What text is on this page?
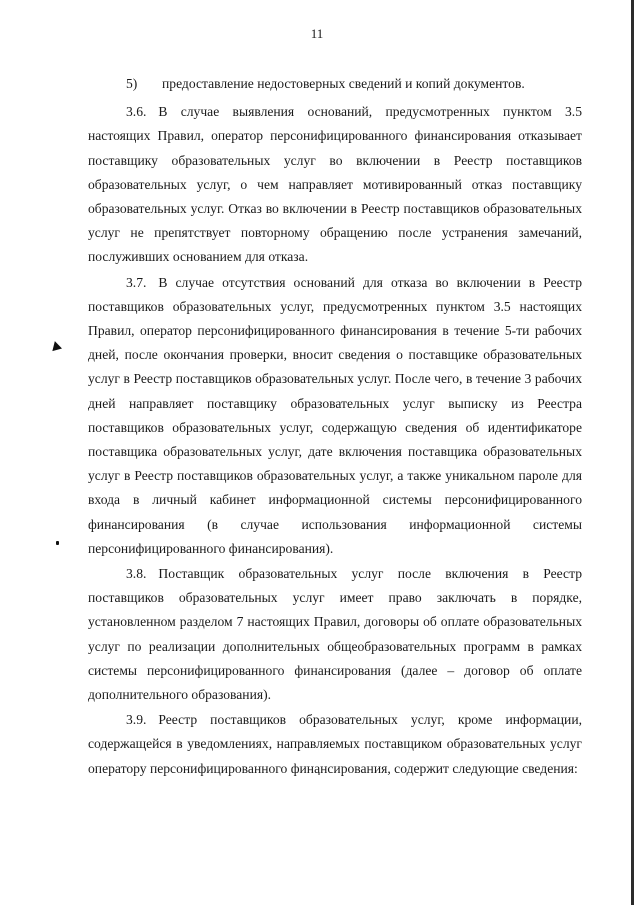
11

5) предоставление недостоверных сведений и копий документов.

3.6. В случае выявления оснований, предусмотренных пунктом 3.5 настоящих Правил, оператор персонифицированного финансирования отказывает поставщику образовательных услуг во включении в Реестр поставщиков образовательных услуг, о чем направляет мотивированный отказ поставщику образовательных услуг. Отказ во включении в Реестр поставщиков образовательных услуг не препятствует повторному обращению после устранения замечаний, послуживших основанием для отказа.

3.7. В случае отсутствия оснований для отказа во включении в Реестр поставщиков образовательных услуг, предусмотренных пунктом 3.5 настоящих Правил, оператор персонифицированного финансирования в течение 5-ти рабочих дней, после окончания проверки, вносит сведения о поставщике образовательных услуг в Реестр поставщиков образовательных услуг. После чего, в течение 3 рабочих дней направляет поставщику образовательных услуг выписку из Реестра поставщиков образовательных услуг, содержащую сведения об идентификаторе поставщика образовательных услуг, дате включения поставщика образовательных услуг в Реестр поставщиков образовательных услуг, а также уникальном пароле для входа в личный кабинет информационной системы персонифицированного финансирования (в случае использования информационной системы персонифицированного финансирования).

3.8. Поставщик образовательных услуг после включения в Реестр поставщиков образовательных услуг имеет право заключать в порядке, установленном разделом 7 настоящих Правил, договоры об оплате образовательных услуг по реализации дополнительных общеобразовательных программ в рамках системы персонифицированного финансирования (далее – договор об оплате дополнительного образования).

3.9. Реестр поставщиков образовательных услуг, кроме информации, содержащейся в уведомлениях, направляемых поставщиком образовательных услуг оператору персонифицированного финансирования, содержит следующие сведения:
